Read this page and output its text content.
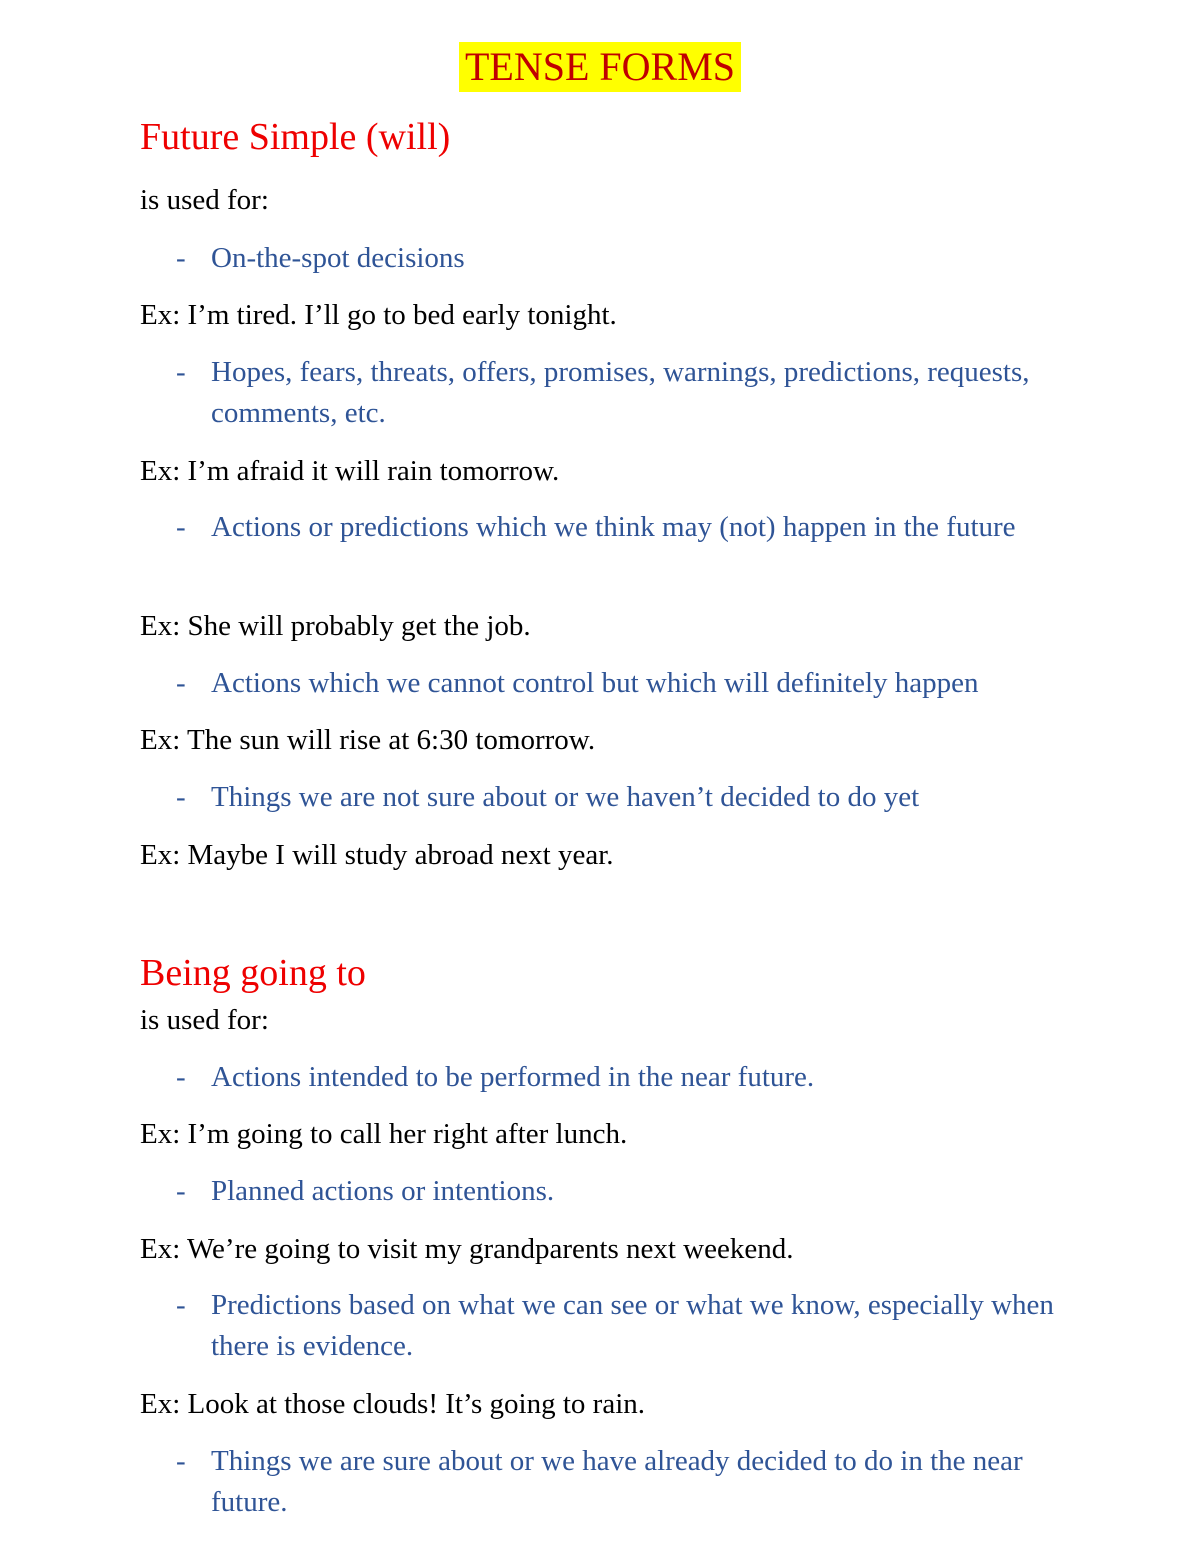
TENSE FORMS
Future Simple (will)
is used for:
- On-the-spot decisions
Ex: I’m tired. I’ll go to bed early tonight.
- Hopes, fears, threats, offers, promises, warnings, predictions, requests, comments, etc.
Ex: I’m afraid it will rain tomorrow.
- Actions or predictions which we think may (not) happen in the future
Ex: She will probably get the job.
- Actions which we cannot control but which will definitely happen
Ex: The sun will rise at 6:30 tomorrow.
- Things we are not sure about or we haven’t decided to do yet
Ex: Maybe I will study abroad next year.
Being going to
is used for:
- Actions intended to be performed in the near future.
Ex: I’m going to call her right after lunch.
- Planned actions or intentions.
Ex: We’re going to visit my grandparents next weekend.
- Predictions based on what we can see or what we know, especially when there is evidence.
Ex: Look at those clouds! It’s going to rain.
- Things we are sure about or we have already decided to do in the near future.
